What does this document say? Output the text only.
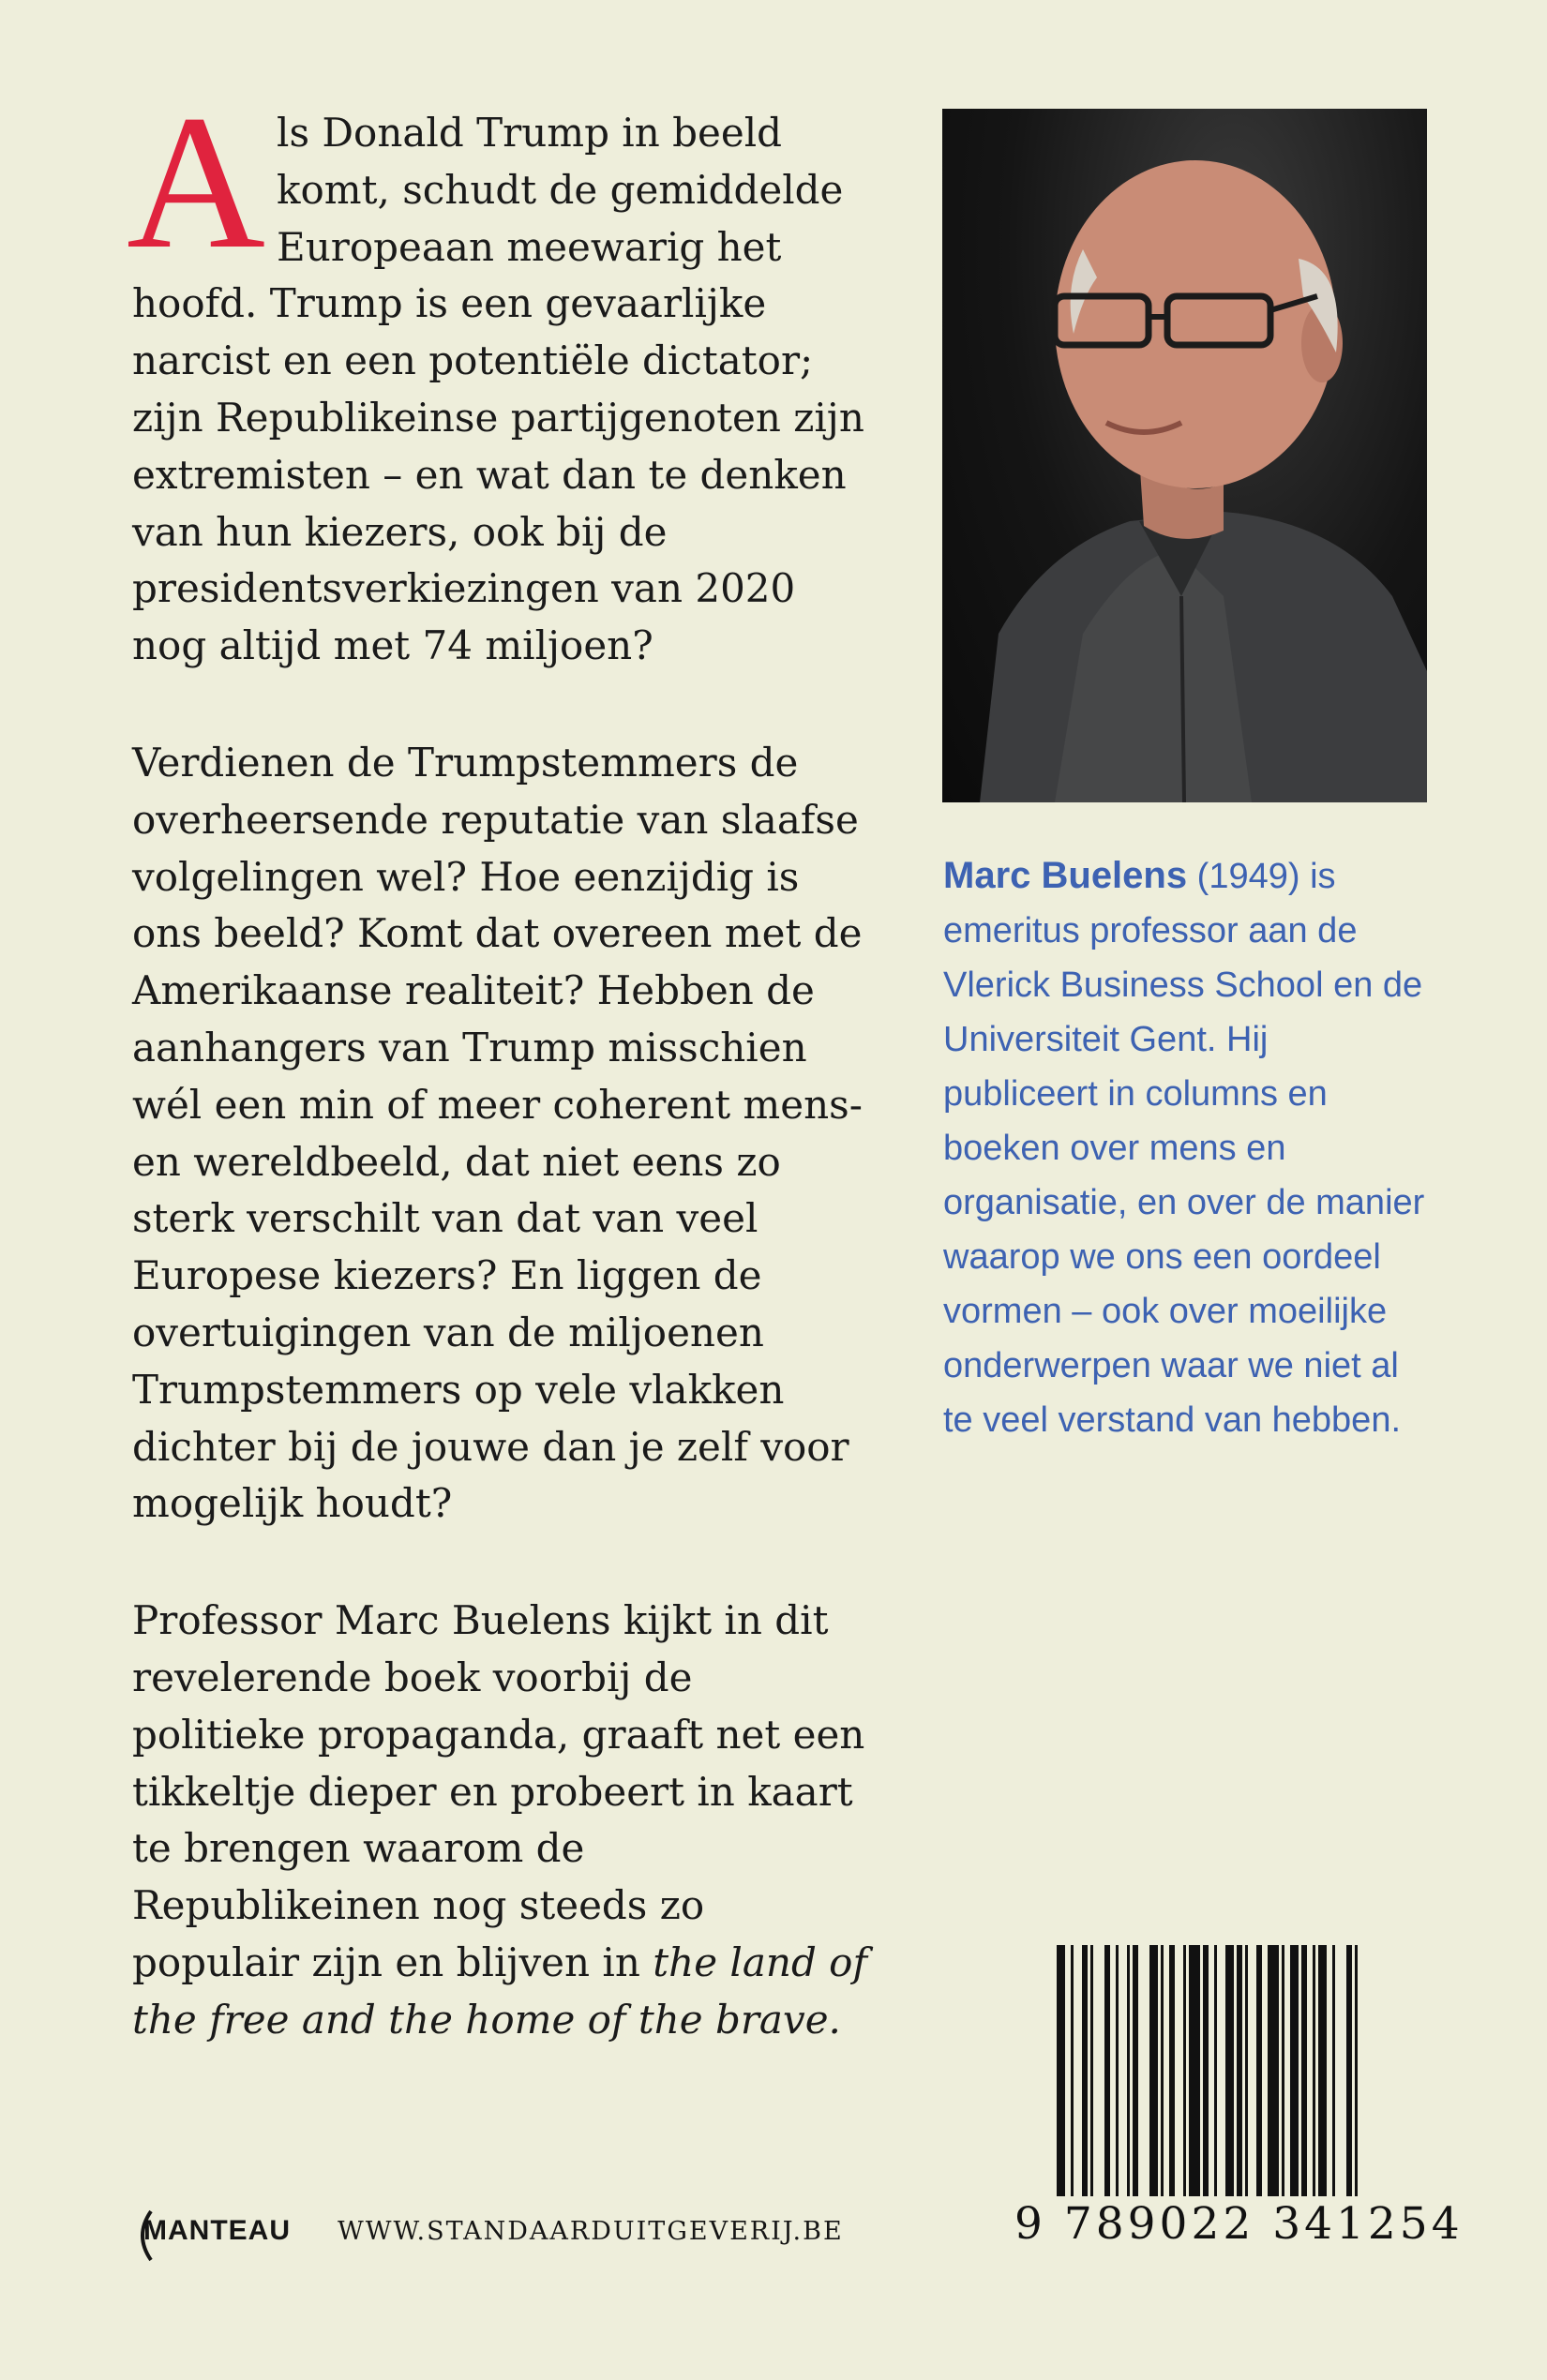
Als Donald Trump in beeld komt, schudt de gemiddelde Europeaan meewarig het hoofd. Trump is een gevaarlijke narcist en een potentiële dictator; zijn Republikeinse partijgenoten zijn extremisten – en wat dan te denken van hun kiezers, ook bij de presidentsverkiezingen van 2020 nog altijd met 74 miljoen?

Verdienen de Trumpstemmers de overheersende reputatie van slaafse volgelingen wel? Hoe eenzijdig is ons beeld? Komt dat overeen met de Amerikaanse realiteit? Hebben de aanhangers van Trump misschien wél een min of meer coherent mens- en wereldbeeld, dat niet eens zo sterk verschilt van dat van veel Europese kiezers? En liggen de overtuigingen van de miljoenen Trumpstemmers op vele vlakken dichter bij de jouwe dan je zelf voor mogelijk houdt?

Professor Marc Buelens kijkt in dit revelerende boek voorbij de politieke propaganda, graaft net een tikkeltje dieper en probeert in kaart te brengen waarom de Republikeinen nog steeds zo populair zijn en blijven in the land of the free and the home of the brave.

Marc Buelens (1949) is emeritus professor aan de Vlerick Business School en de Universiteit Gent. Hij publiceert in columns en boeken over mens en organisatie, en over de manier waarop we ons een oordeel vormen – ook over moeilijke onderwerpen waar we niet al te veel verstand van hebben.
9 789022 341254
MANTEAU WWW.STANDAARDUITGEVERIJ.BE
